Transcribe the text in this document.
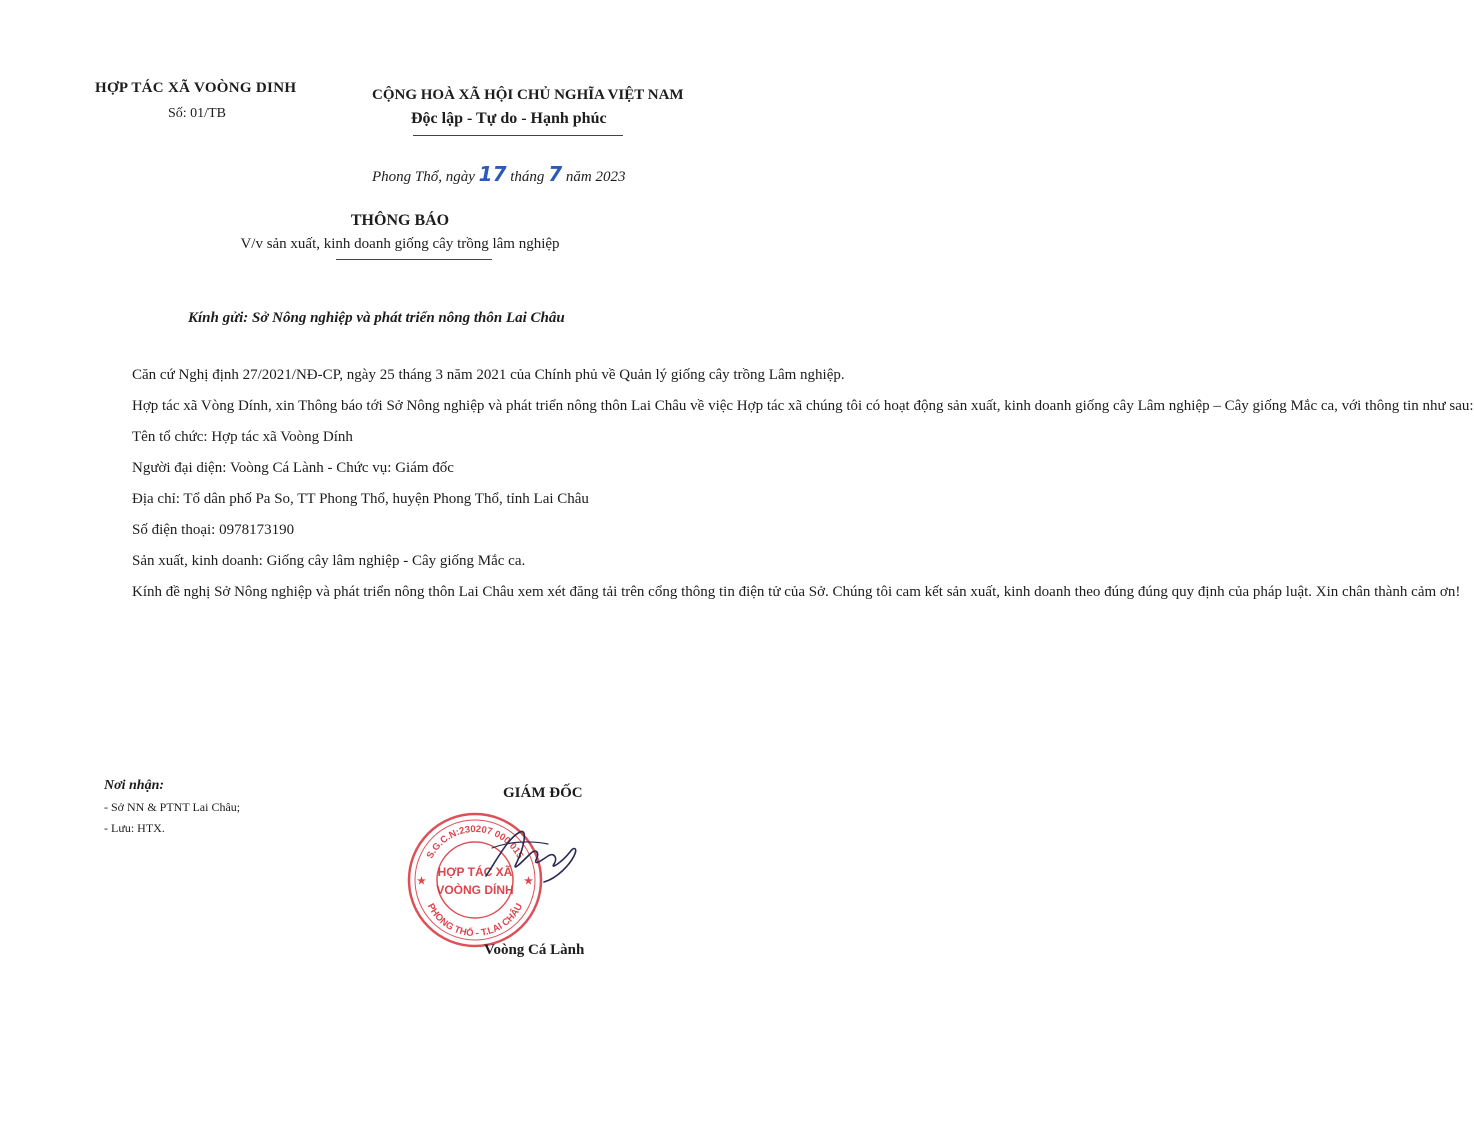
HỢP TÁC XÃ VOÒNG DINH
Số: 01/TB
CỘNG HOÀ XÃ HỘI CHỦ NGHĨA VIỆT NAM
Độc lập - Tự do - Hạnh phúc
Phong Thổ, ngày 17 tháng 7 năm 2023
THÔNG BÁO
V/v sản xuất, kinh doanh giống cây trồng lâm nghiệp
Kính gửi: Sở Nông nghiệp và phát triển nông thôn Lai Châu

Căn cứ Nghị định 27/2021/NĐ-CP, ngày 25 tháng 3 năm 2021 của Chính phủ về Quản lý giống cây trồng Lâm nghiệp.

Hợp tác xã Vòng Dính, xin Thông báo tới Sở Nông nghiệp và phát triển nông thôn Lai Châu về việc Hợp tác xã chúng tôi có hoạt động sản xuất, kinh doanh giống cây Lâm nghiệp – Cây giống Mắc ca, với thông tin như sau:

Tên tổ chức: Hợp tác xã Voòng Dính

Người đại diện: Voòng Cá Lành - Chức vụ: Giám đốc

Địa chỉ: Tổ dân phố Pa So, TT Phong Thổ, huyện Phong Thổ, tỉnh Lai Châu

Số điện thoại: 0978173190

Sản xuất, kinh doanh: Giống cây lâm nghiệp - Cây giống Mắc ca.

Kính đề nghị Sở Nông nghiệp và phát triển nông thôn Lai Châu xem xét đăng tải trên cổng thông tin điện tử của Sở. Chúng tôi cam kết sản xuất, kinh doanh theo đúng đúng quy định của pháp luật. Xin chân thành cảm ơn!

Nơi nhận:
- Sở NN & PTNT Lai Châu;
- Lưu: HTX.
GIÁM ĐỐC
S.G.C.N:230207 000 015
PHONG THỔ - T.LAI CHÂU
HỢP TÁC XÃ
VOÒNG DÍNH
★	★
Voòng Cá Lành
